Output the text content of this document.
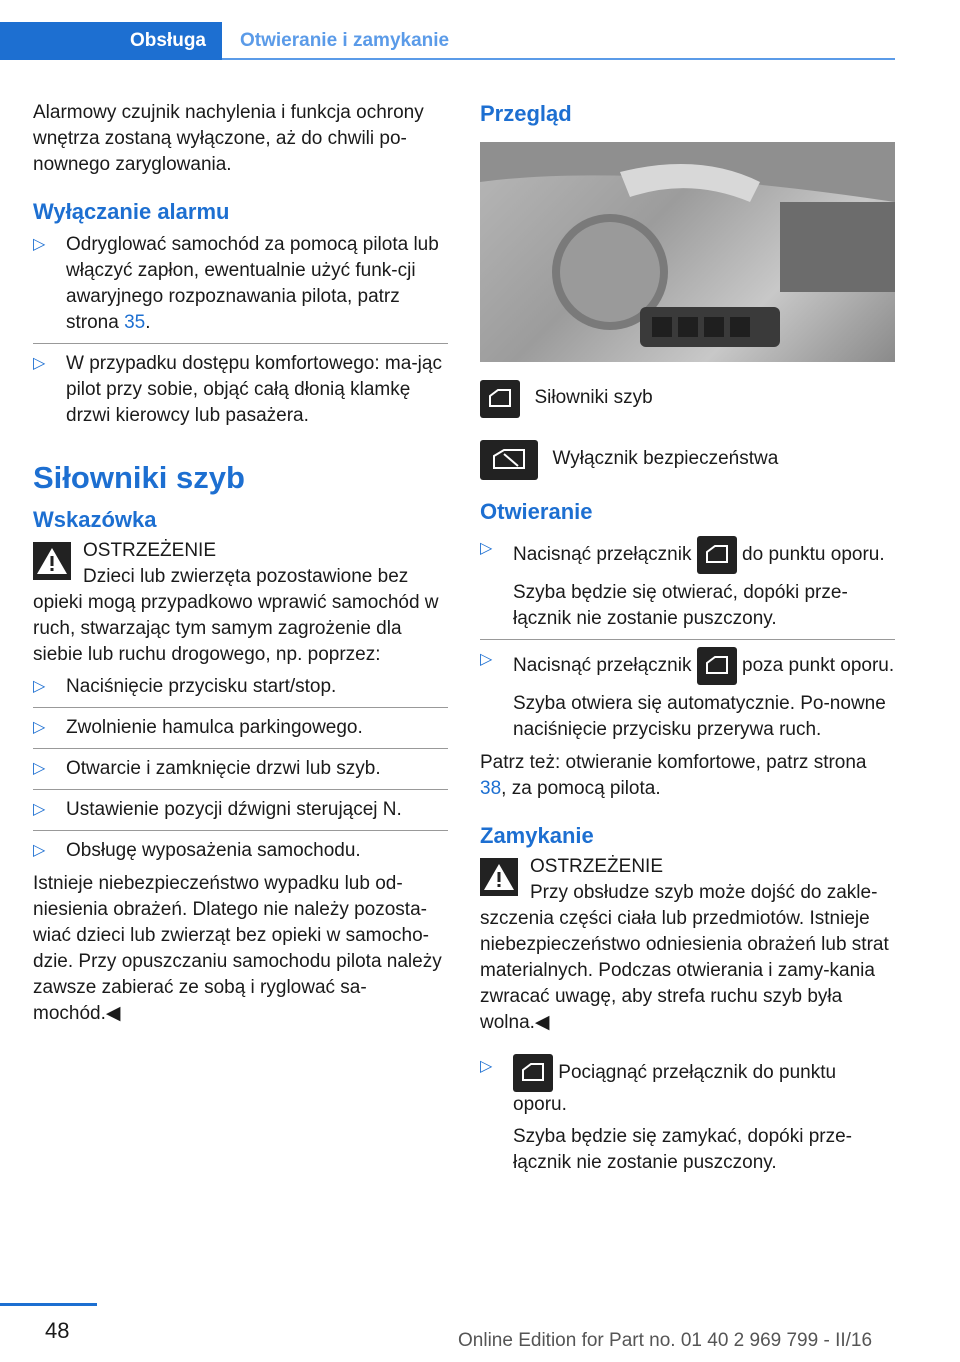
Obsługa	Otwieranie i zamykanie

Alarmowy czujnik nachylenia i funkcja ochrony wnętrza zostaną wyłączone, aż do chwili po-nownego zaryglowania.

Wyłączanie alarmu
▷ Odryglować samochód za pomocą pilota lub włączyć zapłon, ewentualnie użyć funk-cji awaryjnego rozpoznawania pilota, patrz strona 35.
▷ W przypadku dostępu komfortowego: ma-jąc pilot przy sobie, objąć całą dłonią klamkę drzwi kierowcy lub pasażera.
Siłowniki szyb
Wskazówka

OSTRZEŻENIE

Dzieci lub zwierzęta pozostawione bez opieki mogą przypadkowo wprawić samochód w ruch, stwarzając tym samym zagrożenie dla siebie lub ruchu drogowego, np. poprzez:

▷ Naciśnięcie przycisku start/stop.
▷ Zwolnienie hamulca parkingowego.
▷ Otwarcie i zamknięcie drzwi lub szyb.
▷ Ustawienie pozycji dźwigni sterującej N.
▷ Obsługę wyposażenia samochodu.

Istnieje niebezpieczeństwo wypadku lub od-niesienia obrażeń. Dlatego nie należy pozosta-wiać dzieci lub zwierząt bez opieki w samocho-dzie. Przy opuszczaniu samochodu pilota należy zawsze zabierać ze sobą i ryglować sa-mochód.◀

Przegląd
Siłowniki szyb
Wyłącznik bezpieczeństwa
Otwieranie
▷ Nacisnąć przełącznik
do punktu oporu.
Szyba będzie się otwierać, dopóki prze-łącznik nie zostanie puszczony.
▷ Nacisnąć przełącznik
poza punkt oporu.
Szyba otwiera się automatycznie. Po-nowne naciśnięcie przycisku przerywa ruch.

Patrz też: otwieranie komfortowe, patrz strona 38, za pomocą pilota.

Zamykanie

OSTRZEŻENIE

Przy obsłudze szyb może dojść do zakle-szczenia części ciała lub przedmiotów. Istnieje niebezpieczeństwo odniesienia obrażeń lub strat materialnych. Podczas otwierania i zamy-kania zwracać uwagę, aby strefa ruchu szyb była wolna.◀

▷	Pociągnąć przełącznik do punktu oporu.
Szyba będzie się zamykać, dopóki prze-łącznik nie zostanie puszczony.
48	Online Edition for Part no. 01 40 2 969 799 - II/16
